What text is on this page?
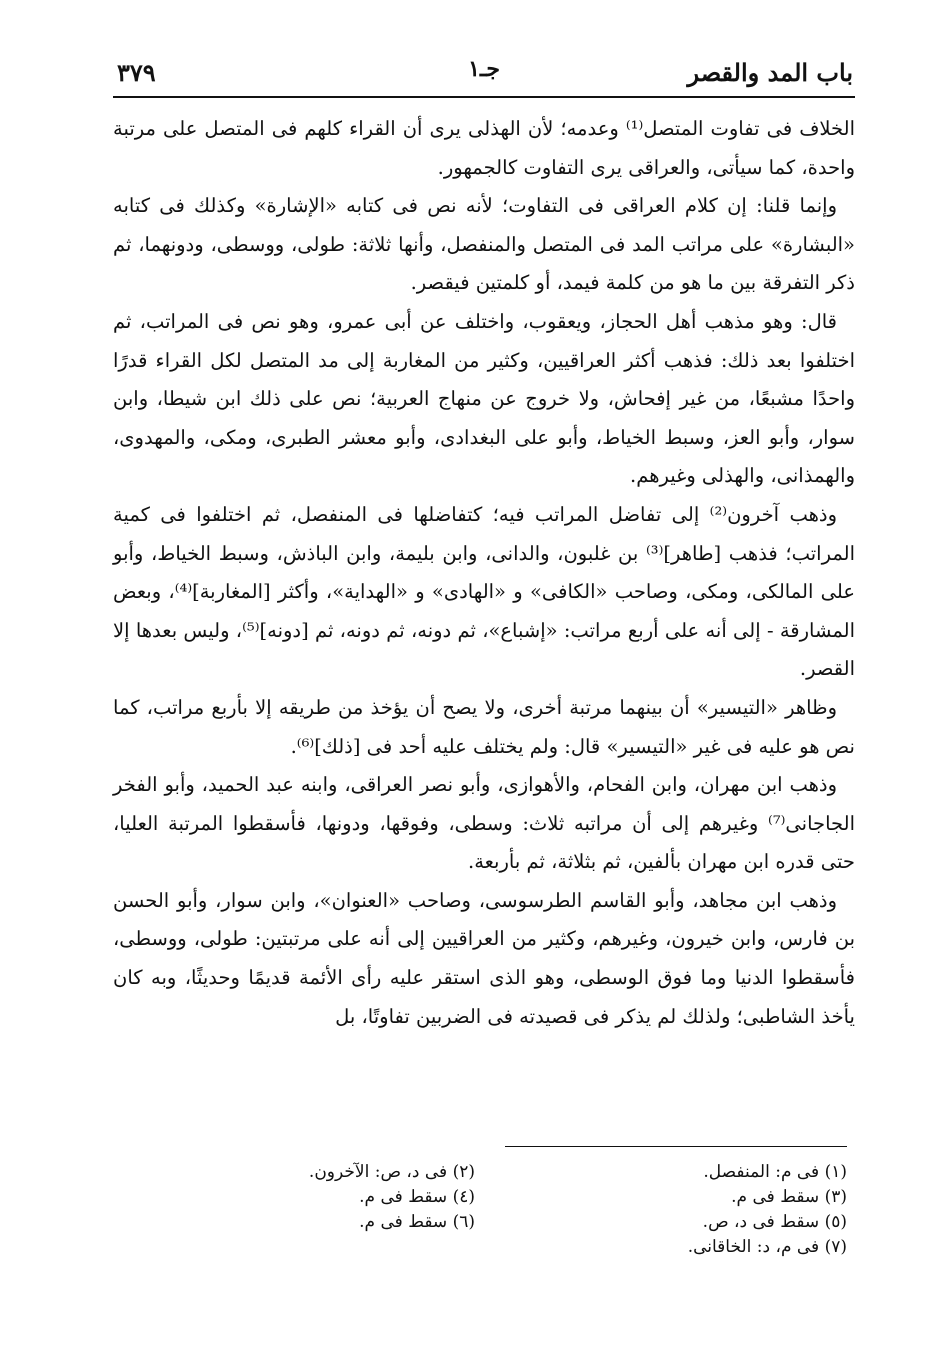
باب المد والقصر
جـ١
٣٧٩

الخلاف فى تفاوت المتصل⁽¹⁾ وعدمه؛ لأن الهذلى يرى أن القراء كلهم فى المتصل على مرتبة واحدة، كما سيأتى، والعراقى يرى التفاوت كالجمهور.

وإنما قلنا: إن كلام العراقى فى التفاوت؛ لأنه نص فى كتابه «الإشارة» وكذلك فى كتابه «البشارة» على مراتب المد فى المتصل والمنفصل، وأنها ثلاثة: طولى، ووسطى، ودونهما، ثم ذكر التفرقة بين ما هو من كلمة فيمد، أو كلمتين فيقصر.

قال: وهو مذهب أهل الحجاز، ويعقوب، واختلف عن أبى عمرو، وهو نص فى المراتب، ثم اختلفوا بعد ذلك: فذهب أكثر العراقيين، وكثير من المغاربة إلى مد المتصل لكل القراء قدرًا واحدًا مشبعًا، من غير إفحاش، ولا خروج عن منهاج العربية؛ نص على ذلك ابن شيطا، وابن سوار، وأبو العز، وسبط الخياط، وأبو على البغدادى، وأبو معشر الطبرى، ومكى، والمهدوى، والهمذانى، والهذلى وغيرهم.

وذهب آخرون⁽²⁾ إلى تفاضل المراتب فيه؛ كتفاضلها فى المنفصل، ثم اختلفوا فى كمية المراتب؛ فذهب [طاهر]⁽³⁾ بن غلبون، والدانى، وابن بليمة، وابن الباذش، وسبط الخياط، وأبو على المالكى، ومكى، وصاحب «الكافى» و «الهادى» و «الهداية»، وأكثر [المغاربة]⁽⁴⁾، وبعض المشارقة - إلى أنه على أربع مراتب: «إشباع»، ثم دونه، ثم دونه، ثم [دونه]⁽⁵⁾، وليس بعدها إلا القصر.

وظاهر «التيسير» أن بينهما مرتبة أخرى، ولا يصح أن يؤخذ من طريقه إلا بأربع مراتب، كما نص هو عليه فى غير «التيسير» قال: ولم يختلف عليه أحد فى [ذلك]⁽⁶⁾.

وذهب ابن مهران، وابن الفحام، والأهوازى، وأبو نصر العراقى، وابنه عبد الحميد، وأبو الفخر الجاجانى⁽⁷⁾ وغيرهم إلى أن مراتبه ثلاث: وسطى، وفوقها، ودونها، فأسقطوا المرتبة العليا، حتى قدره ابن مهران بألفين، ثم بثلاثة، ثم بأربعة.

وذهب ابن مجاهد، وأبو القاسم الطرسوسى، وصاحب «العنوان»، وابن سوار، وأبو الحسن بن فارس، وابن خيرون، وغيرهم، وكثير من العراقيين إلى أنه على مرتبتين: طولى، ووسطى، فأسقطوا الدنيا وما فوق الوسطى، وهو الذى استقر عليه رأى الأئمة قديمًا وحديثًا، وبه كان يأخذ الشاطبى؛ ولذلك لم يذكر فى قصيدته فى الضربين تفاوتًا، بل

(١) فى م: المنفصل.
(٣) سقط فى م.
(٥) سقط فى د، ص.
(٧) فى م، د: الخاقانى.
(٢) فى د، ص: الآخرون.
(٤) سقط فى م.
(٦) سقط فى م.
